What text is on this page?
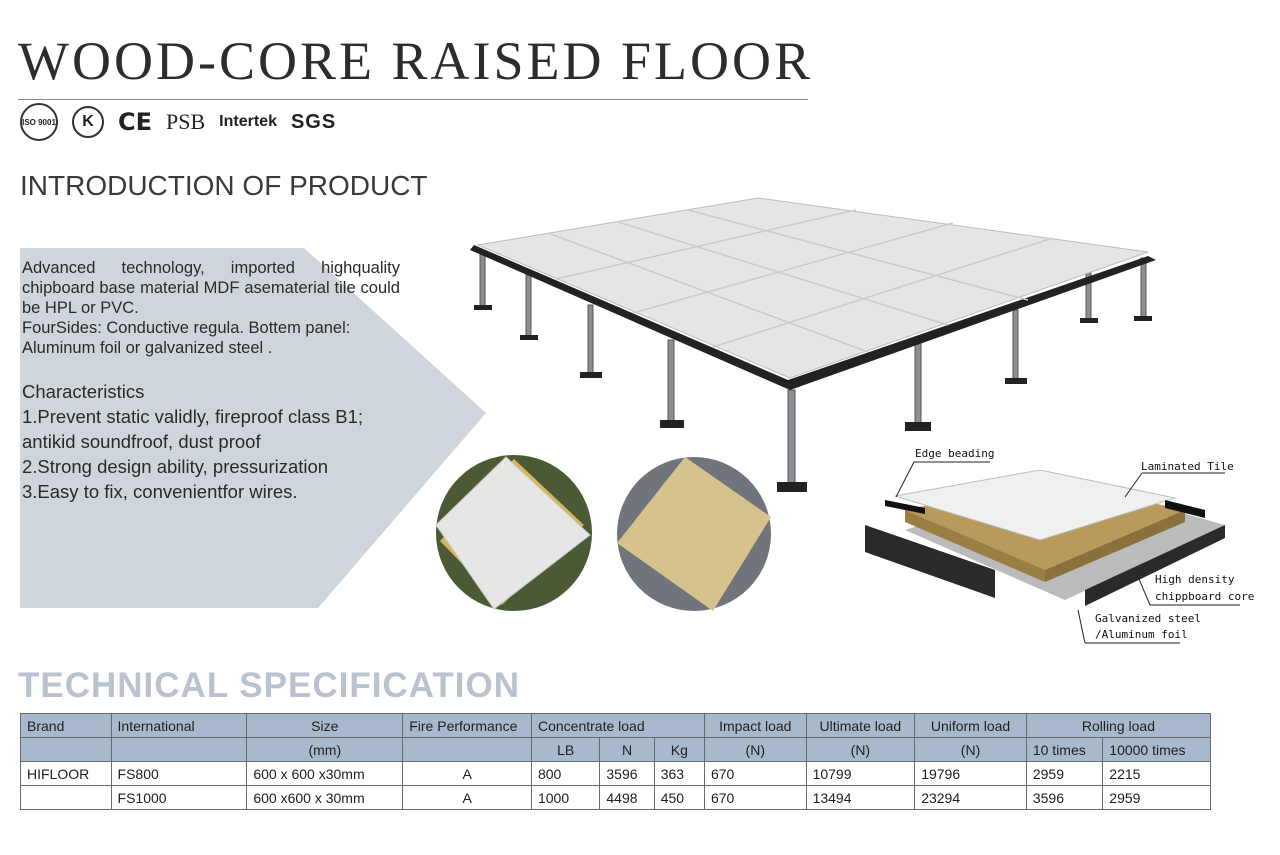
WOOD-CORE RAISED FLOOR
ISO 9001 K CE PSB Intertek SGS
INTRODUCTION OF PRODUCT
Advanced technology, imported highquality chipboard base material MDF asematerial tile could be HPL or PVC.
FourSides: Conductive regula. Bottem panel: Aluminum foil or galvanized steel .
Characteristics
1.Prevent static validly, fireproof class B1; antikid soundfroof, dust proof
2.Strong design ability, pressurization
3.Easy to fix, convenientfor wires.
Edge beading
Laminated Tile
High density
chippboard core
Galvanized steel
/Aluminum foil
TECHNICAL SPECIFICATION
Brand	International	Size	Fire Performance	Concentrate load			Impact load	Ultimate load	Uniform load	Rolling load	
		(mm)		LB	N	Kg	(N)	(N)	(N)	10 times	10000 times
HIFLOOR	FS800	600 x 600 x30mm	A	800	3596	363	670	10799	19796	2959	2215
	FS1000	600 x600 x 30mm	A	1000	4498	450	670	13494	23294	3596	2959
